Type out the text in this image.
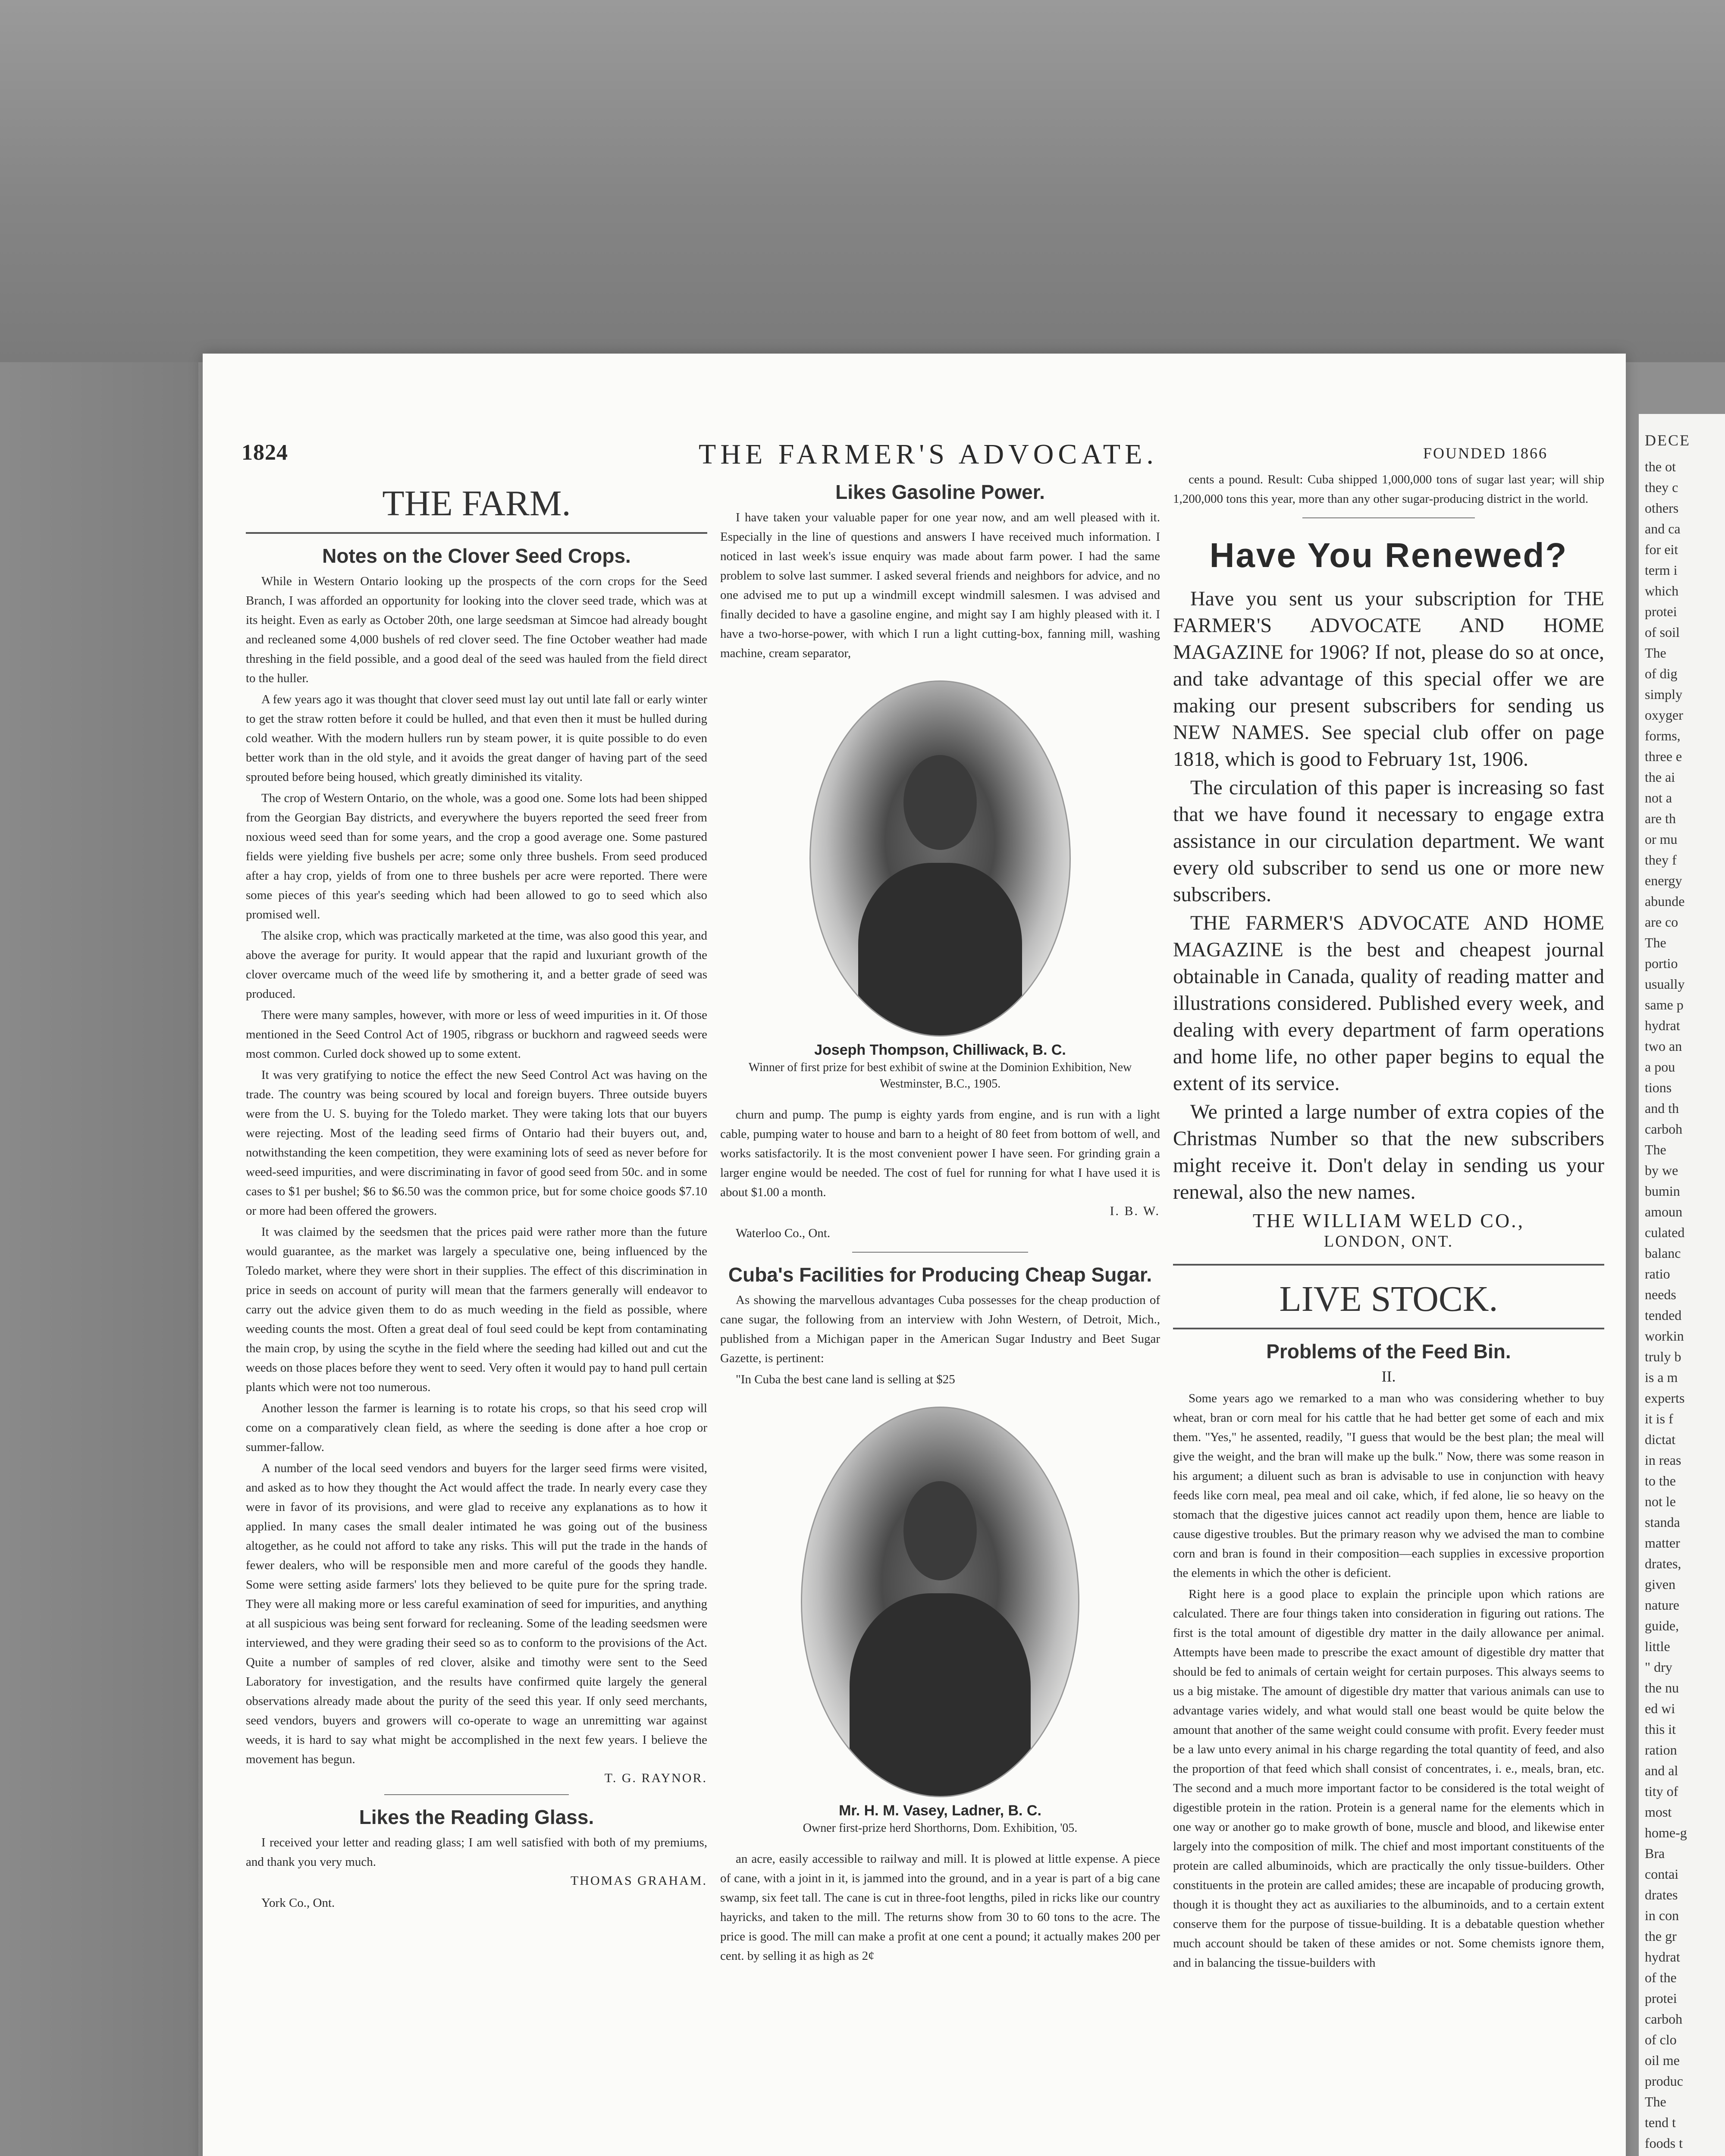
DECE
the ot
they c
others
and ca
for eit
term i
which
protei
of soil
The
of dig
simply
oxyger
forms,
three e
the ai
not a
are th
or mu
they f
energy
abunde
are co
The
portio
usually
same p
hydrat
two an
a pou
tions
and th
carboh
The
by we
bumin
amoun
culated
balanc
ratio
needs
tended
workin
truly b
is a m
experts
it is f
dictat
in reas
to the
not le
standa
matter
drates,
given
nature
guide,
little
" dry
the nu
ed wi
this it
ration
and al
tity of
most
home-g
Bra
contai
drates
in con
the gr
hydrat
of the
protei
carboh
of clo
oil me
produc
The
tend t
foods t
1824	THE FARMER'S ADVOCATE.	FOUNDED 1866
THE FARM.
Notes on the Clover Seed Crops.

While in Western Ontario looking up the prospects of the corn crops for the Seed Branch, I was afforded an opportunity for looking into the clover seed trade, which was at its height. Even as early as October 20th, one large seedsman at Simcoe had already bought and recleaned some 4,000 bushels of red clover seed. The fine October weather had made threshing in the field possible, and a good deal of the seed was hauled from the field direct to the huller.

A few years ago it was thought that clover seed must lay out until late fall or early winter to get the straw rotten before it could be hulled, and that even then it must be hulled during cold weather. With the modern hullers run by steam power, it is quite possible to do even better work than in the old style, and it avoids the great danger of having part of the seed sprouted before being housed, which greatly diminished its vitality.

The crop of Western Ontario, on the whole, was a good one. Some lots had been shipped from the Georgian Bay districts, and everywhere the buyers reported the seed freer from noxious weed seed than for some years, and the crop a good average one. Some pastured fields were yielding five bushels per acre; some only three bushels. From seed produced after a hay crop, yields of from one to three bushels per acre were reported. There were some pieces of this year's seeding which had been allowed to go to seed which also promised well.

The alsike crop, which was practically marketed at the time, was also good this year, and above the average for purity. It would appear that the rapid and luxuriant growth of the clover overcame much of the weed life by smothering it, and a better grade of seed was produced.

There were many samples, however, with more or less of weed impurities in it. Of those mentioned in the Seed Control Act of 1905, ribgrass or buckhorn and ragweed seeds were most common. Curled dock showed up to some extent.

It was very gratifying to notice the effect the new Seed Control Act was having on the trade. The country was being scoured by local and foreign buyers. Three outside buyers were from the U. S. buying for the Toledo market. They were taking lots that our buyers were rejecting. Most of the leading seed firms of Ontario had their buyers out, and, notwithstanding the keen competition, they were examining lots of seed as never before for weed-seed impurities, and were discriminating in favor of good seed from 50c. and in some cases to $1 per bushel; $6 to $6.50 was the common price, but for some choice goods $7.10 or more had been offered the growers.

It was claimed by the seedsmen that the prices paid were rather more than the future would guarantee, as the market was largely a speculative one, being influenced by the Toledo market, where they were short in their supplies. The effect of this discrimination in price in seeds on account of purity will mean that the farmers generally will endeavor to carry out the advice given them to do as much weeding in the field as possible, where weeding counts the most. Often a great deal of foul seed could be kept from contaminating the main crop, by using the scythe in the field where the seeding had killed out and cut the weeds on those places before they went to seed. Very often it would pay to hand pull certain plants which were not too numerous.

Another lesson the farmer is learning is to rotate his crops, so that his seed crop will come on a comparatively clean field, as where the seeding is done after a hoe crop or summer-fallow.

A number of the local seed vendors and buyers for the larger seed firms were visited, and asked as to how they thought the Act would affect the trade. In nearly every case they were in favor of its provisions, and were glad to receive any explanations as to how it applied. In many cases the small dealer intimated he was going out of the business altogether, as he could not afford to take any risks. This will put the trade in the hands of fewer dealers, who will be responsible men and more careful of the goods they handle. Some were setting aside farmers' lots they believed to be quite pure for the spring trade. They were all making more or less careful examination of seed for impurities, and anything at all suspicious was being sent forward for recleaning. Some of the leading seedsmen were interviewed, and they were grading their seed so as to conform to the provisions of the Act. Quite a number of samples of red clover, alsike and timothy were sent to the Seed Laboratory for investigation, and the results have confirmed quite largely the general observations already made about the purity of the seed this year. If only seed merchants, seed vendors, buyers and growers will co-operate to wage an unremitting war against weeds, it is hard to say what might be accomplished in the next few years. I believe the movement has begun.

T. G. RAYNOR.
Likes the Reading Glass.

I received your letter and reading glass; I am well satisfied with both of my premiums, and thank you very much.

THOMAS GRAHAM.

York Co., Ont.

Likes Gasoline Power.

I have taken your valuable paper for one year now, and am well pleased with it. Especially in the line of questions and answers I have received much information. I noticed in last week's issue enquiry was made about farm power. I had the same problem to solve last summer. I asked several friends and neighbors for advice, and no one advised me to put up a windmill except windmill salesmen. I was advised and finally decided to have a gasoline engine, and might say I am highly pleased with it. I have a two-horse-power, with which I run a light cutting-box, fanning mill, washing machine, cream separator,

Joseph Thompson, Chilliwack, B. C.
Winner of first prize for best exhibit of swine at the Dominion Exhibition, New Westminster, B.C., 1905.

churn and pump. The pump is eighty yards from engine, and is run with a light cable, pumping water to house and barn to a height of 80 feet from bottom of well, and works satisfactorily. It is the most convenient power I have seen. For grinding grain a larger engine would be needed. The cost of fuel for running for what I have used it is about $1.00 a month.

I. B. W.

Waterloo Co., Ont.

Cuba's Facilities for Producing Cheap Sugar.

As showing the marvellous advantages Cuba possesses for the cheap production of cane sugar, the following from an interview with John Western, of Detroit, Mich., published from a Michigan paper in the American Sugar Industry and Beet Sugar Gazette, is pertinent:

"In Cuba the best cane land is selling at $25

Mr. H. M. Vasey, Ladner, B. C.
Owner first-prize herd Shorthorns, Dom. Exhibition, '05.

an acre, easily accessible to railway and mill. It is plowed at little expense. A piece of cane, with a joint in it, is jammed into the ground, and in a year is part of a big cane swamp, six feet tall. The cane is cut in three-foot lengths, piled in ricks like our country hayricks, and taken to the mill. The returns show from 30 to 60 tons to the acre. The price is good. The mill can make a profit at one cent a pound; it actually makes 200 per cent. by selling it as high as 2¢

cents a pound. Result: Cuba shipped 1,000,000 tons of sugar last year; will ship 1,200,000 tons this year, more than any other sugar-producing district in the world.

Have You Renewed?

Have you sent us your subscription for THE FARMER'S ADVOCATE AND HOME MAGAZINE for 1906? If not, please do so at once, and take advantage of this special offer we are making our present subscribers for sending us NEW NAMES. See special club offer on page 1818, which is good to February 1st, 1906.

The circulation of this paper is increasing so fast that we have found it necessary to engage extra assistance in our circulation department. We want every old subscriber to send us one or more new subscribers.

THE FARMER'S ADVOCATE AND HOME MAGAZINE is the best and cheapest journal obtainable in Canada, quality of reading matter and illustrations considered. Published every week, and dealing with every department of farm operations and home life, no other paper begins to equal the extent of its service.

We printed a large number of extra copies of the Christmas Number so that the new subscribers might receive it. Don't delay in sending us your renewal, also the new names.

THE WILLIAM WELD CO.,
LONDON, ONT.
LIVE STOCK.
Problems of the Feed Bin.
II.

Some years ago we remarked to a man who was considering whether to buy wheat, bran or corn meal for his cattle that he had better get some of each and mix them. "Yes," he assented, readily, "I guess that would be the best plan; the meal will give the weight, and the bran will make up the bulk." Now, there was some reason in his argument; a diluent such as bran is advisable to use in conjunction with heavy feeds like corn meal, pea meal and oil cake, which, if fed alone, lie so heavy on the stomach that the digestive juices cannot act readily upon them, hence are liable to cause digestive troubles. But the primary reason why we advised the man to combine corn and bran is found in their composition—each supplies in excessive proportion the elements in which the other is deficient.

Right here is a good place to explain the principle upon which rations are calculated. There are four things taken into consideration in figuring out rations. The first is the total amount of digestible dry matter in the daily allowance per animal. Attempts have been made to prescribe the exact amount of digestible dry matter that should be fed to animals of certain weight for certain purposes. This always seems to us a big mistake. The amount of digestible dry matter that various animals can use to advantage varies widely, and what would stall one beast would be quite below the amount that another of the same weight could consume with profit. Every feeder must be a law unto every animal in his charge regarding the total quantity of feed, and also the proportion of that feed which shall consist of concentrates, i. e., meals, bran, etc. The second and a much more important factor to be considered is the total weight of digestible protein in the ration. Protein is a general name for the elements which in one way or another go to make growth of bone, muscle and blood, and likewise enter largely into the composition of milk. The chief and most important constituents of the protein are called albuminoids, which are practically the only tissue-builders. Other constituents in the protein are called amides; these are incapable of producing growth, though it is thought they act as auxiliaries to the albuminoids, and to a certain extent conserve them for the purpose of tissue-building. It is a debatable question whether much account should be taken of these amides or not. Some chemists ignore them, and in balancing the tissue-builders with
